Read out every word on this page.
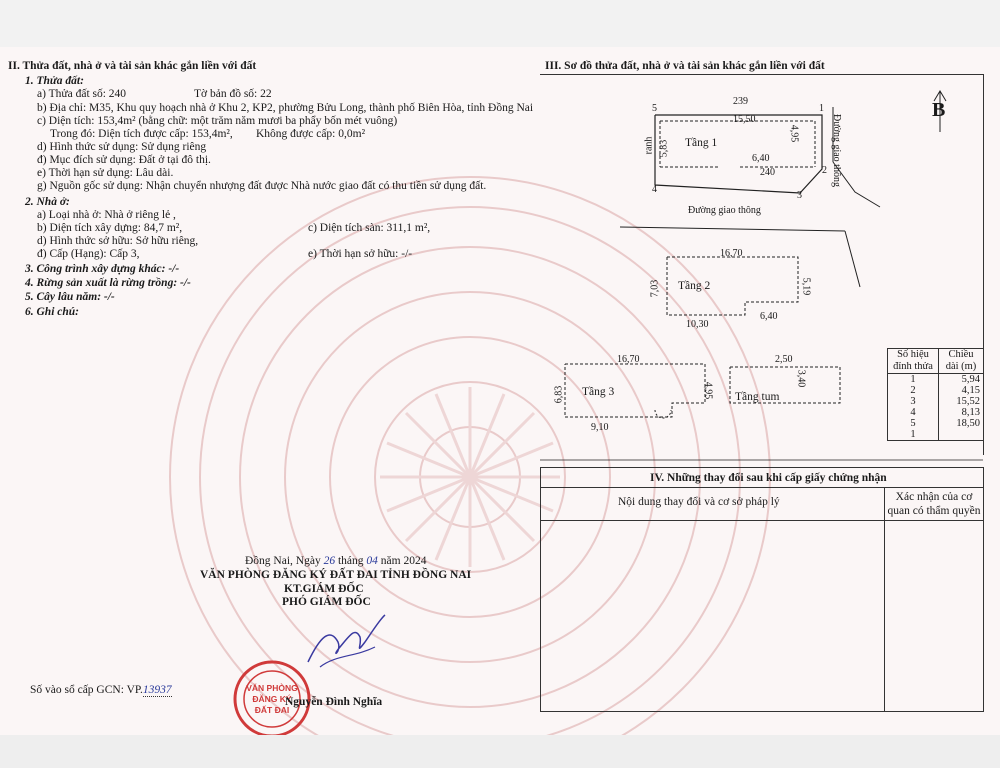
II. Thửa đất, nhà ở và tài sản khác gắn liền với đất
1. Thửa đất:
a) Thửa đất số: 240	Tờ bản đồ số: 22
b) Địa chỉ: M35, Khu quy hoạch nhà ở Khu 2, KP2, phường Bửu Long, thành phố Biên Hòa, tỉnh Đồng Nai
c) Diện tích: 153,4m² (bằng chữ: một trăm năm mươi ba phẩy bốn mét vuông)
Trong đó: Diện tích được cấp: 153,4m², Không được cấp: 0,0m²
d) Hình thức sử dụng: Sử dụng riêng
đ) Mục đích sử dụng: Đất ở tại đô thị.
e) Thời hạn sử dụng: Lâu dài.
g) Nguồn gốc sử dụng: Nhận chuyển nhượng đất được Nhà nước giao đất có thu tiền sử dụng đất.
2. Nhà ở:
a) Loại nhà ở: Nhà ở riêng lẻ ,
b) Diện tích xây dựng: 84,7 m²,	c) Diện tích sàn: 311,1 m²,
d) Hình thức sở hữu: Sở hữu riêng,
đ) Cấp (Hạng): Cấp 3,	e) Thời hạn sở hữu: -/-
3. Công trình xây dựng khác: -/-
4. Rừng sản xuất là rừng trồng: -/-
5. Cây lâu năm: -/-
6. Ghi chú:
Đồng Nai, Ngày 26 tháng 04 năm 2024
VĂN PHÒNG ĐĂNG KÝ ĐẤT ĐAI TỈNH ĐỒNG NAI
KT.GIÁM ĐỐC
PHÓ GIÁM ĐỐC
VĂN PHÒNG
ĐĂNG KÝ
ĐẤT ĐAI
Nguyễn Đình Nghĩa
Số vào sổ cấp GCN: VP.13937
III. Sơ đồ thửa đất, nhà ở và tài sản khác gắn liền với đất
B
239
15,50
4,95
5,83
ranh	Tầng 1
6,40
240
5	1
2
3
4
Đường giao thông
Đường giao thông
16,70
7,03	5,19
Tầng 2
10,30
6,40
16,70
6,83	4,95
Tầng 3
9,10
2,50
3,40
Tầng tum
Số hiệu đỉnh thửa	Chiều dài (m)
1	5,94
2	4,15
3	15,52
4	8,13
5	18,50
1	
IV. Những thay đổi sau khi cấp giấy chứng nhận
Nội dung thay đổi và cơ sở pháp lý	Xác nhận của cơ quan có thẩm quyền
